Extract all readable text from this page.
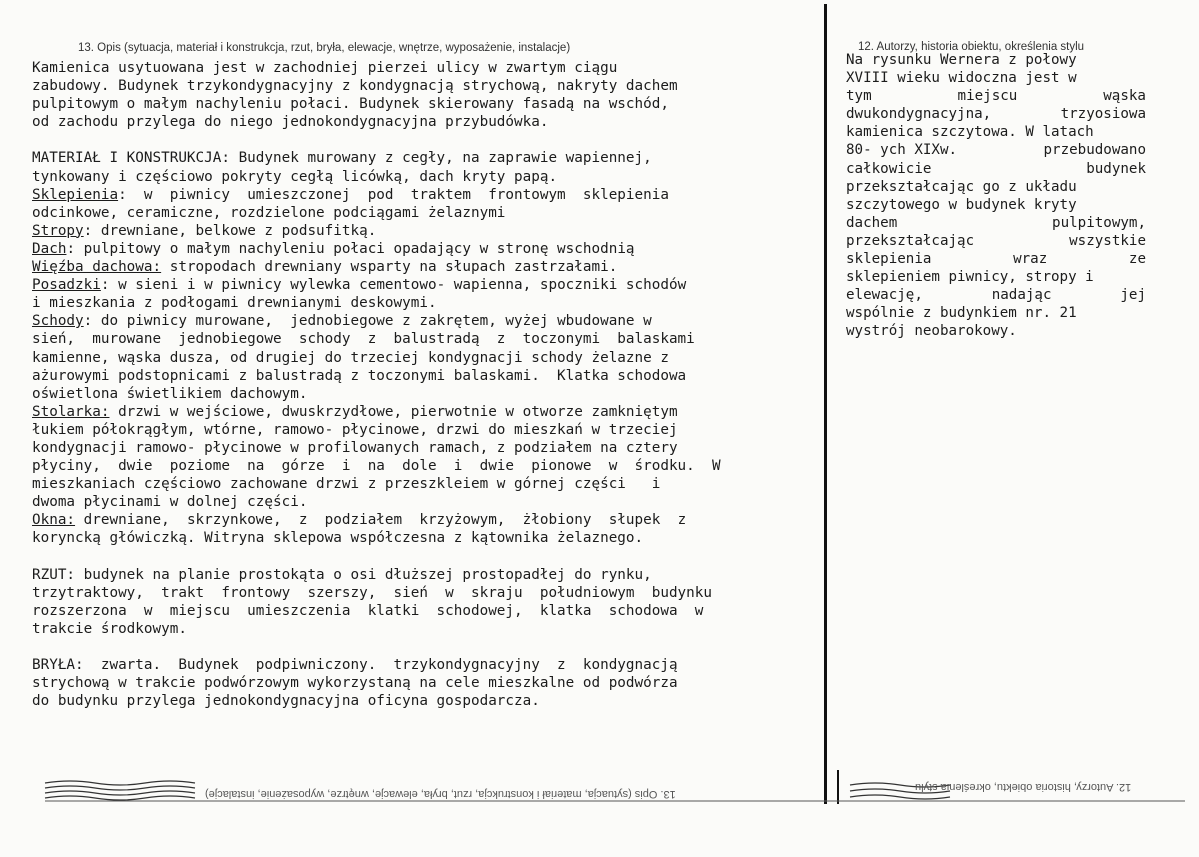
13. Opis (sytuacja, materiał i konstrukcja, rzut, bryła, elewacje, wnętrze, wyposażenie, instalacje)	12. Autorzy, historia obiektu, określenia stylu
Kamienica usytuowana jest w zachodniej pierzei ulicy w zwartym ciągu
zabudowy. Budynek trzykondygnacyjny z kondygnacją strychową, nakryty dachem
pulpitowym o małym nachyleniu połaci. Budynek skierowany fasadą na wschód,
od zachodu przylega do niego jednokondygnacyjna przybudówka.
MATERIAŁ I KONSTRUKCJA: Budynek murowany z cegły, na zaprawie wapiennej,
tynkowany i częściowo pokryty cegłą licówką, dach kryty papą.
Sklepienia:  w  piwnicy  umieszczonej  pod  traktem  frontowym  sklepienia
odcinkowe, ceramiczne, rozdzielone podciągami żelaznymi
Stropy: drewniane, belkowe z podsufitką.
Dach: pulpitowy o małym nachyleniu połaci opadający w stronę wschodnią
Więźba dachowa: stropodach drewniany wsparty na słupach zastrzałami.
Posadzki: w sieni i w piwnicy wylewka cementowo- wapienna, spoczniki schodów
i mieszkania z podłogami drewnianymi deskowymi.
Schody: do piwnicy murowane,  jednobiegowe z zakrętem, wyżej wbudowane w
sień,  murowane  jednobiegowe  schody  z  balustradą  z  toczonymi  balaskami
kamienne, wąska dusza, od drugiej do trzeciej kondygnacji schody żelazne z
ażurowymi podstopnicami z balustradą z toczonymi balaskami.  Klatka schodowa
oświetlona świetlikiem dachowym.
Stolarka: drzwi w wejściowe, dwuskrzydłowe, pierwotnie w otworze zamkniętym
łukiem półokrągłym, wtórne, ramowo- płycinowe, drzwi do mieszkań w trzeciej
kondygnacji ramowo- płycinowe w profilowanych ramach, z podziałem na cztery
płyciny,  dwie  poziome  na  górze  i  na  dole  i  dwie  pionowe  w  środku.  W
mieszkaniach częściowo zachowane drzwi z przeszkleiem w górnej części   i
dwoma płycinami w dolnej części.
Okna: drewniane,  skrzynkowe,  z  podziałem  krzyżowym,  żłobiony  słupek  z
koryncką główiczką. Witryna sklepowa współczesna z kątownika żelaznego.
RZUT: budynek na planie prostokąta o osi dłuższej prostopadłej do rynku,
trzytraktowy,  trakt  frontowy  szerszy,  sień  w  skraju  południowym  budynku
rozszerzona  w  miejscu  umieszczenia  klatki  schodowej,  klatka  schodowa  w
trakcie środkowym.
BRYŁA:  zwarta.  Budynek  podpiwniczony.  trzykondygnacyjny  z  kondygnacją
strychową w trakcie podwórzowym wykorzystaną na cele mieszkalne od podwórza
do budynku przylega jednokondygnacyjna oficyna gospodarcza.
Na rysunku Wernera z połowy
XVIII wieku widoczna jest w
tym	miejscu	wąska
dwukondygnacyjna,	trzyosiowa
kamienica szczytowa. W latach
80- ych XIXw.	przebudowano
całkowicie	budynek
przekształcając go z układu
szczytowego w budynek kryty
dachem	pulpitowym,
przekształcając	wszystkie
sklepienia	wraz	ze
sklepieniem piwnicy, stropy i
elewację,	nadając	jej
wspólnie z budynkiem nr. 21
wystrój neobarokowy.
13. Opis (sytuacja, materiał i konstrukcja, rzut, bryła, elewacje, wnętrze, wyposażenie, instalacje)
12. Autorzy, historia obiektu, określenia stylu
